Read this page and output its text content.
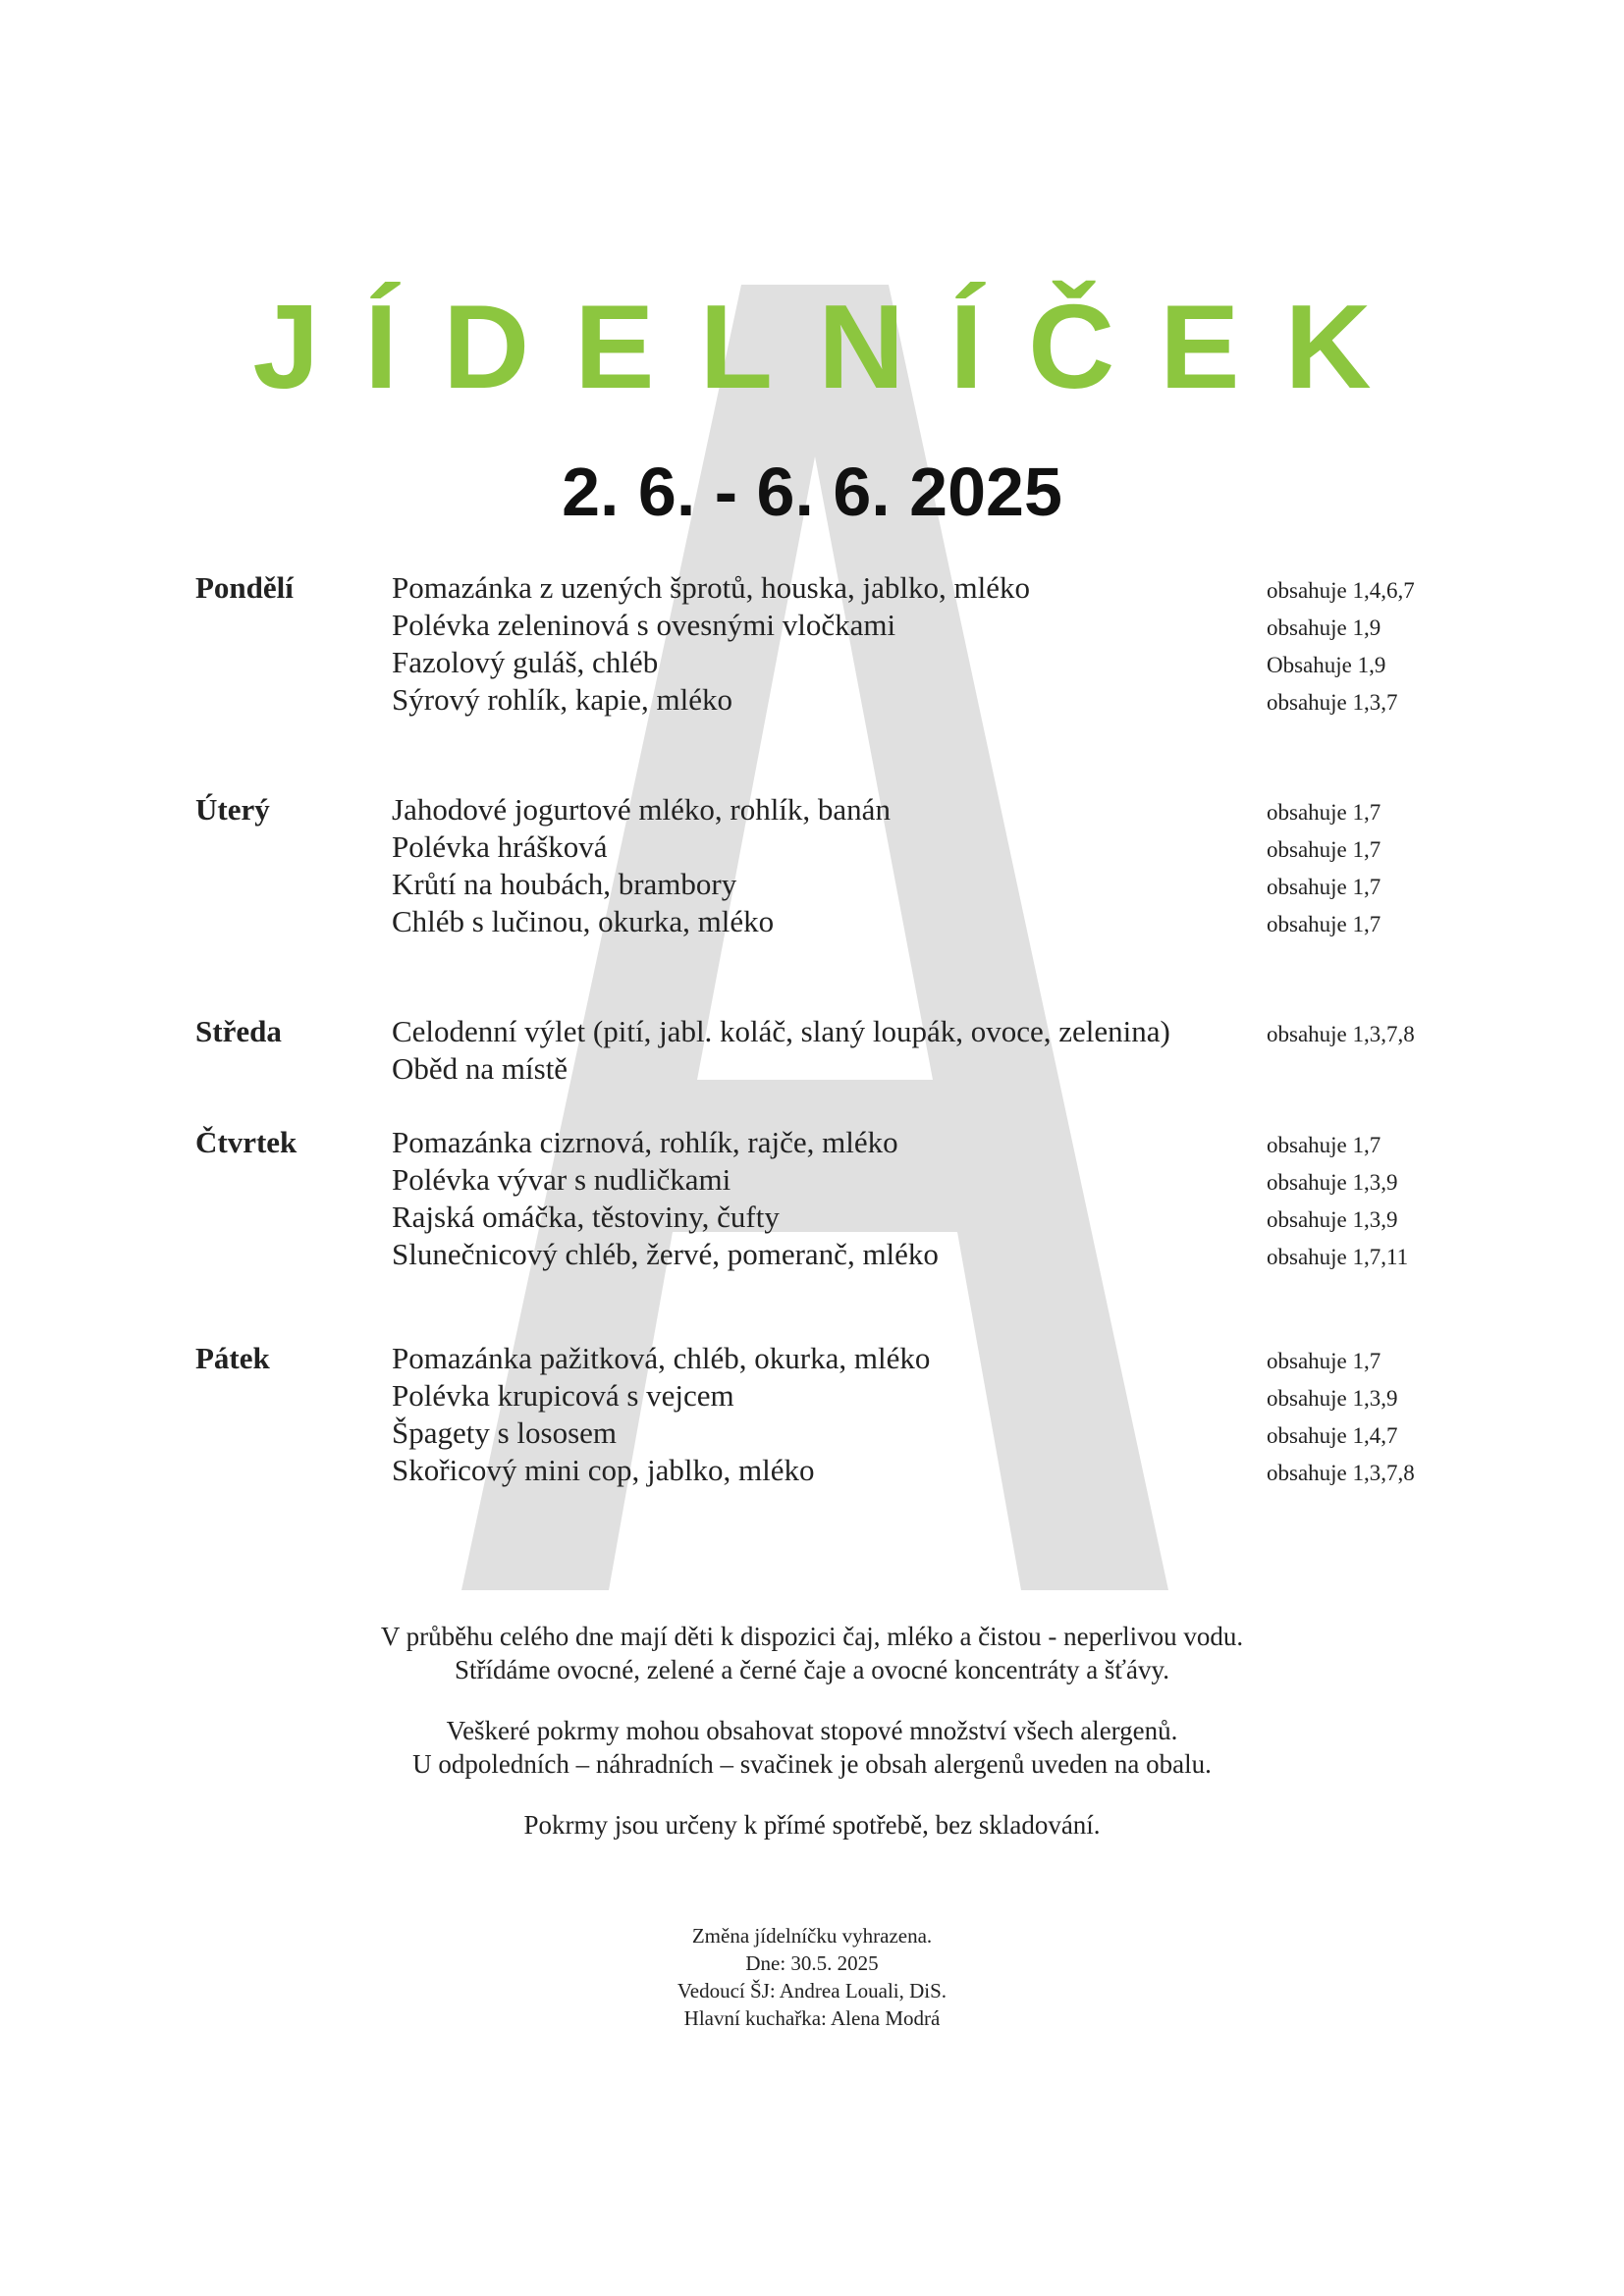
JÍDELNÍČEK
2. 6. - 6. 6. 2025
Pondělí	Pomazánka z uzených šprotů, houska, jablko, mléko	obsahuje 1,4,6,7
Polévka zeleninová s ovesnými vločkami	obsahuje 1,9
Fazolový guláš, chléb	Obsahuje 1,9
Sýrový rohlík, kapie, mléko	obsahuje 1,3,7
Úterý	Jahodové jogurtové mléko, rohlík, banán	obsahuje 1,7
Polévka hrášková	obsahuje 1,7
Krůtí na houbách, brambory	obsahuje 1,7
Chléb s lučinou, okurka, mléko	obsahuje 1,7
Středa	Celodenní výlet (pití, jabl. koláč, slaný loupák, ovoce, zelenina)	obsahuje 1,3,7,8
Oběd na místě
Čtvrtek	Pomazánka cizrnová, rohlík, rajče, mléko	obsahuje 1,7
Polévka vývar s nudličkami	obsahuje 1,3,9
Rajská omáčka, těstoviny, čufty	obsahuje 1,3,9
Slunečnicový chléb, žervé, pomeranč, mléko	obsahuje 1,7,11
Pátek	Pomazánka pažitková, chléb, okurka, mléko	obsahuje 1,7
Polévka krupicová s vejcem	obsahuje 1,3,9
Špagety s lososem	obsahuje 1,4,7
Skořicový mini cop, jablko, mléko	obsahuje 1,3,7,8

V průběhu celého dne mají děti k dispozici čaj, mléko a čistou - neperlivou vodu.

Střídáme ovocné, zelené a černé čaje a ovocné koncentráty a šťávy.

Veškeré pokrmy mohou obsahovat stopové množství všech alergenů.

U odpoledních – náhradních – svačinek je obsah alergenů uveden na obalu.

Pokrmy jsou určeny k přímé spotřebě, bez skladování.

Změna jídelníčku vyhrazena.

Dne: 30.5. 2025

Vedoucí ŠJ: Andrea Louali, DiS.

Hlavní kuchařka: Alena Modrá
